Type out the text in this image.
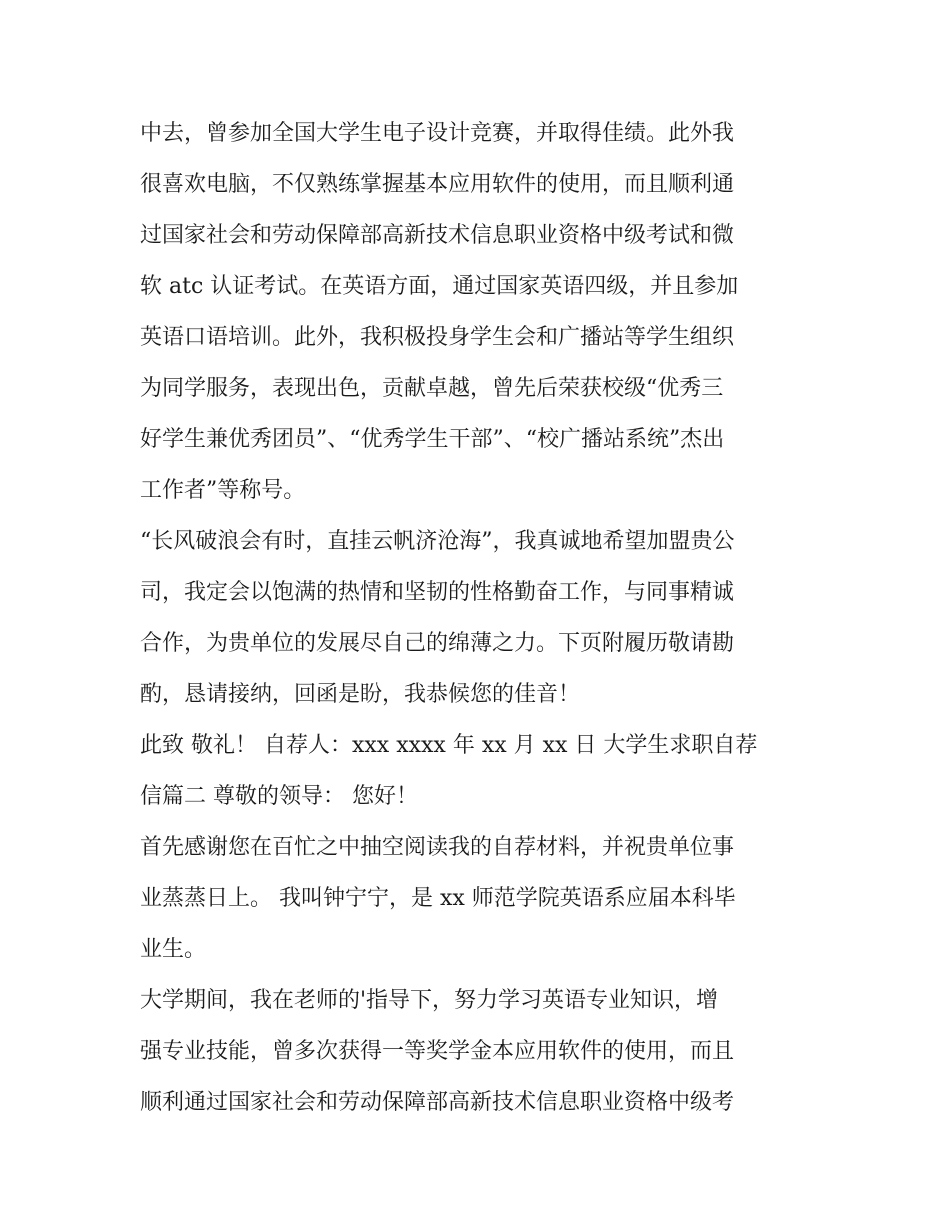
中去，曾参加全国大学生电子设计竞赛，并取得佳绩。此外我
很喜欢电脑，不仅熟练掌握基本应用软件的使用，而且顺利通
过国家社会和劳动保障部高新技术信息职业资格中级考试和微
软 atc 认证考试。在英语方面，通过国家英语四级，并且参加
英语口语培训。此外，我积极投身学生会和广播站等学生组织
为同学服务，表现出色，贡献卓越，曾先后荣获校级“优秀三
好学生兼优秀团员”、“优秀学生干部”、“校广播站系统”杰出
工作者”等称号。
“长风破浪会有时，直挂云帆济沧海”，我真诚地希望加盟贵公
司，我定会以饱满的热情和坚韧的性格勤奋工作，与同事精诚
合作，为贵单位的发展尽自己的绵薄之力。下页附履历敬请勘
酌，恳请接纳，回函是盼，我恭候您的佳音！
此致 敬礼！ 自荐人：xxx xxxx 年 xx 月 xx 日 大学生求职自荐
信篇二 尊敬的领导： 您好！
首先感谢您在百忙之中抽空阅读我的自荐材料，并祝贵单位事
业蒸蒸日上。 我叫钟宁宁，是 xx 师范学院英语系应届本科毕
业生。
大学期间，我在老师的'指导下，努力学习英语专业知识，增
强专业技能，曾多次获得一等奖学金本应用软件的使用，而且
顺利通过国家社会和劳动保障部高新技术信息职业资格中级考
